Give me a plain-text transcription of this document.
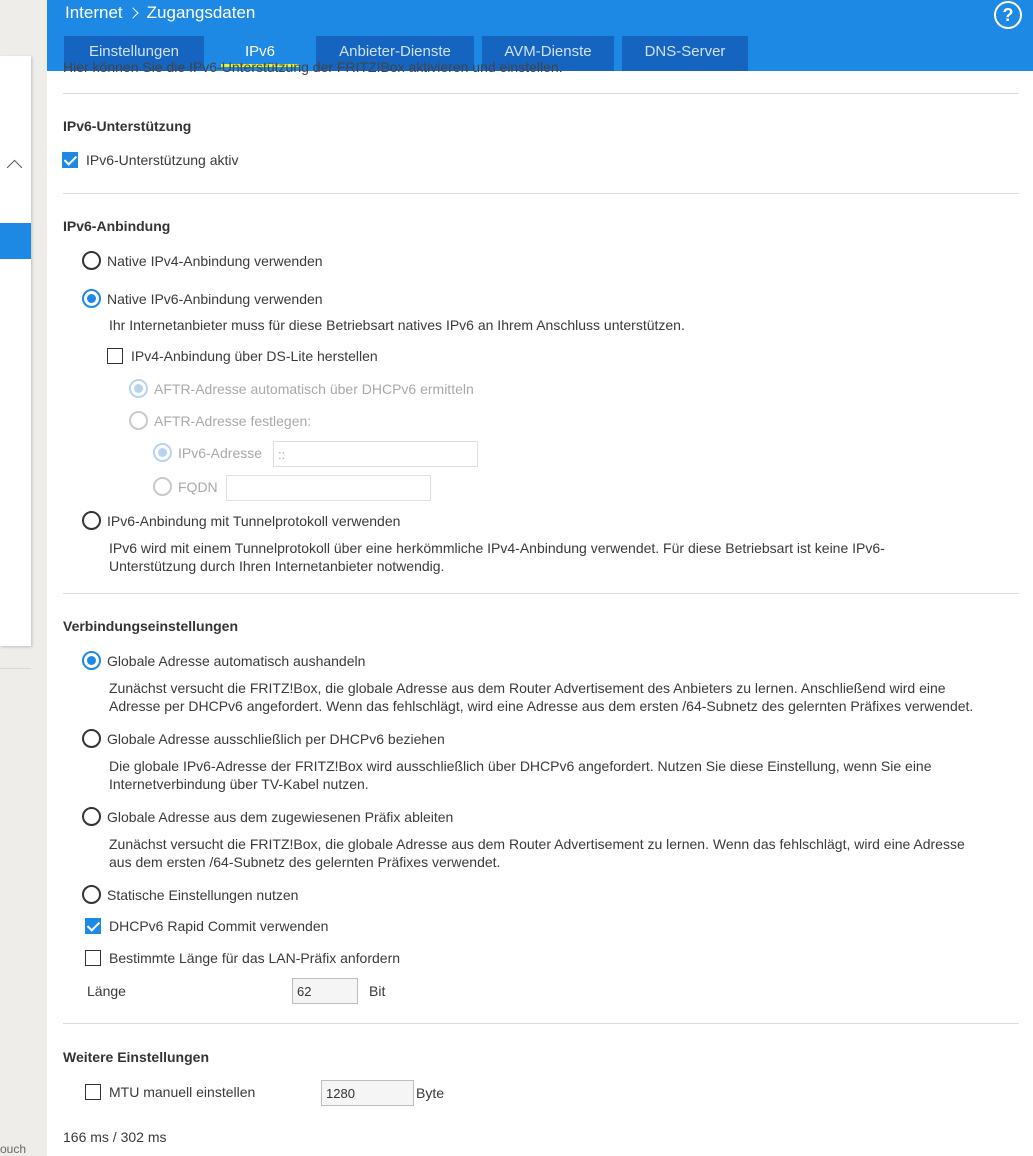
ouch
Internet Zugangsdaten	?
Einstellungen	IPv6	Anbieter-Dienste	AVM-Dienste	DNS-Server
Hier können Sie die IPv6-Unterstützung der FRITZ!Box aktivieren und einstellen.
IPv6-Unterstützung
IPv6-Unterstützung aktiv
IPv6-Anbindung
Native IPv4-Anbindung verwenden
Native IPv6-Anbindung verwenden
Ihr Internetanbieter muss für diese Betriebsart natives IPv6 an Ihrem Anschluss unterstützen.
IPv4-Anbindung über DS-Lite herstellen
AFTR-Adresse automatisch über DHCPv6 ermitteln
AFTR-Adresse festlegen:
IPv6-Adresse
::
FQDN
IPv6-Anbindung mit Tunnelprotokoll verwenden
IPv6 wird mit einem Tunnelprotokoll über eine herkömmliche IPv4-Anbindung verwendet. Für diese Betriebsart ist keine IPv6-
Unterstützung durch Ihren Internetanbieter notwendig.
Verbindungseinstellungen
Globale Adresse automatisch aushandeln
Zunächst versucht die FRITZ!Box, die globale Adresse aus dem Router Advertisement des Anbieters zu lernen. Anschließend wird eine
Adresse per DHCPv6 angefordert. Wenn das fehlschlägt, wird eine Adresse aus dem ersten /64-Subnetz des gelernten Präfixes verwendet.
Globale Adresse ausschließlich per DHCPv6 beziehen
Die globale IPv6-Adresse der FRITZ!Box wird ausschließlich über DHCPv6 angefordert. Nutzen Sie diese Einstellung, wenn Sie eine
Internetverbindung über TV-Kabel nutzen.
Globale Adresse aus dem zugewiesenen Präfix ableiten
Zunächst versucht die FRITZ!Box, die globale Adresse aus dem Router Advertisement zu lernen. Wenn das fehlschlägt, wird eine Adresse
aus dem ersten /64-Subnetz des gelernten Präfixes verwendet.
Statische Einstellungen nutzen
DHCPv6 Rapid Commit verwenden
Bestimmte Länge für das LAN-Präfix anfordern
Länge
62	Bit
Weitere Einstellungen
MTU manuell einstellen
1280	Byte
166 ms / 302 ms
